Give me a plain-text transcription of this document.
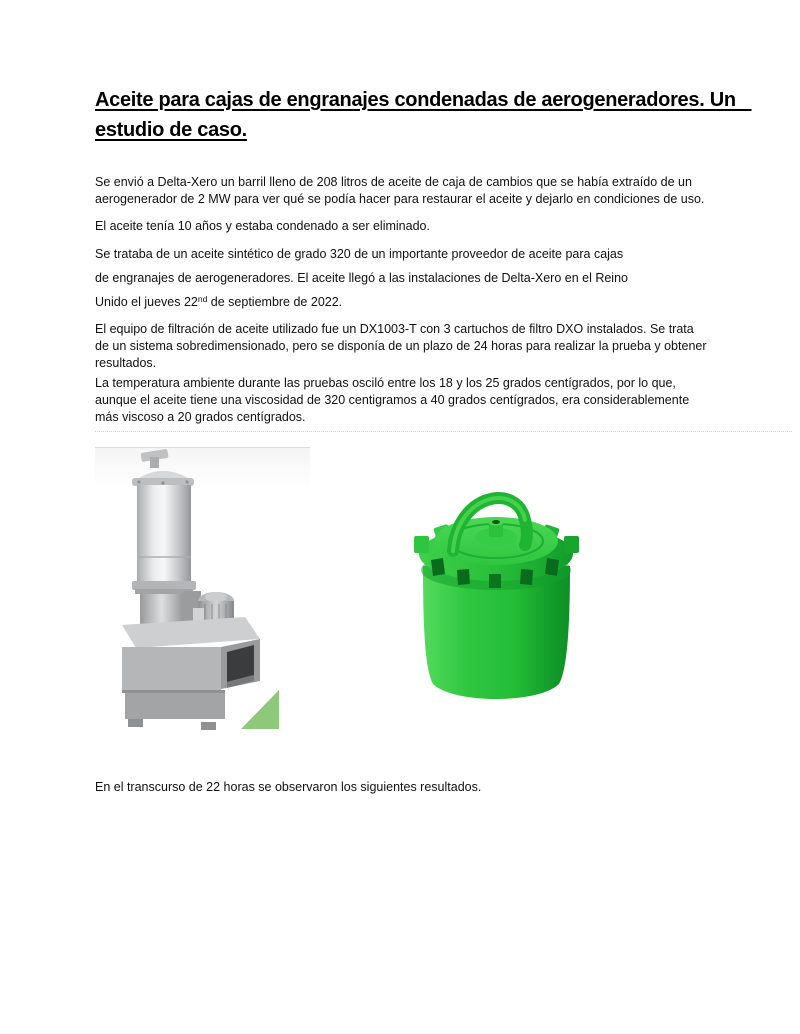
Aceite para cajas de engranajes condenadas de aerogeneradores. Un
estudio de caso.
Se envió a Delta-Xero un barril lleno de 208 litros de aceite de caja de cambios que se había extraído de un
aerogenerador de 2 MW para ver qué se podía hacer para restaurar el aceite y dejarlo en condiciones de uso.
El aceite tenía 10 años y estaba condenado a ser eliminado.
Se trataba de un aceite sintético de grado 320 de un importante proveedor de aceite para cajas
de engranajes de aerogeneradores. El aceite llegó a las instalaciones de Delta-Xero en el Reino
Unido el jueves 22nd de septiembre de 2022.
El equipo de filtración de aceite utilizado fue un DX1003-T con 3 cartuchos de filtro DXO instalados. Se trata
de un sistema sobredimensionado, pero se disponía de un plazo de 24 horas para realizar la prueba y obtener
resultados.
La temperatura ambiente durante las pruebas osciló entre los 18 y los 25 grados centígrados, por lo que,
aunque el aceite tiene una viscosidad de 320 centigramos a 40 grados centígrados, era considerablemente
más viscoso a 20 grados centígrados.
En el transcurso de 22 horas se observaron los siguientes resultados.
